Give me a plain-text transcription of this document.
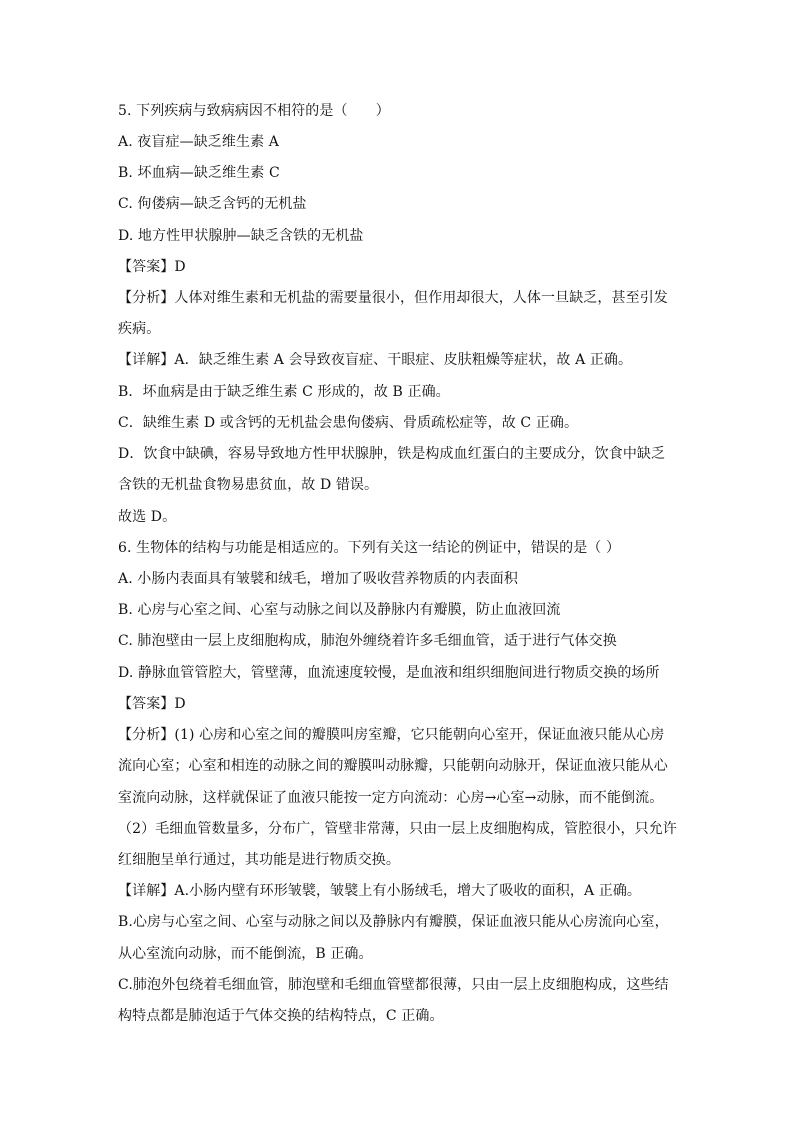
5. 下列疾病与致病病因不相符的是（　　）
A. 夜盲症—缺乏维生素 A
B. 坏血病—缺乏维生素 C
C. 佝偻病—缺乏含钙的无机盐
D. 地方性甲状腺肿—缺乏含铁的无机盐
【答案】D
【分析】人体对维生素和无机盐的需要量很小，但作用却很大，人体一旦缺乏，甚至引发
疾病。
【详解】A．缺乏维生素 A 会导致夜盲症、干眼症、皮肤粗燥等症状，故 A 正确。
B．坏血病是由于缺乏维生素 C 形成的，故 B 正确。
C．缺维生素 D 或含钙的无机盐会患佝偻病、骨质疏松症等，故 C 正确。
D．饮食中缺碘，容易导致地方性甲状腺肿，铁是构成血红蛋白的主要成分，饮食中缺乏
含铁的无机盐食物易患贫血，故 D 错误。
故选 D。
6. 生物体的结构与功能是相适应的。下列有关这一结论的例证中，错误的是（ ）
A. 小肠内表面具有皱襞和绒毛，增加了吸收营养物质的内表面积
B. 心房与心室之间、心室与动脉之间以及静脉内有瓣膜，防止血液回流
C. 肺泡壁由一层上皮细胞构成，肺泡外缠绕着许多毛细血管，适于进行气体交换
D. 静脉血管管腔大，管壁薄，血流速度较慢，是血液和组织细胞间进行物质交换的场所
【答案】D
【分析】(1) 心房和心室之间的瓣膜叫房室瓣，它只能朝向心室开，保证血液只能从心房
流向心室；心室和相连的动脉之间的瓣膜叫动脉瓣，只能朝向动脉开，保证血液只能从心
室流向动脉，这样就保证了血液只能按一定方向流动：心房→心室→动脉，而不能倒流。
（2）毛细血管数量多，分布广，管壁非常薄，只由一层上皮细胞构成，管腔很小，只允许
红细胞呈单行通过，其功能是进行物质交换。
【详解】A.小肠内壁有环形皱襞，皱襞上有小肠绒毛，增大了吸收的面积，A 正确。
B.心房与心室之间、心室与动脉之间以及静脉内有瓣膜，保证血液只能从心房流向心室，
从心室流向动脉，而不能倒流，B 正确。
C.肺泡外包绕着毛细血管，肺泡壁和毛细血管壁都很薄，只由一层上皮细胞构成，这些结
构特点都是肺泡适于气体交换的结构特点，C 正确。
